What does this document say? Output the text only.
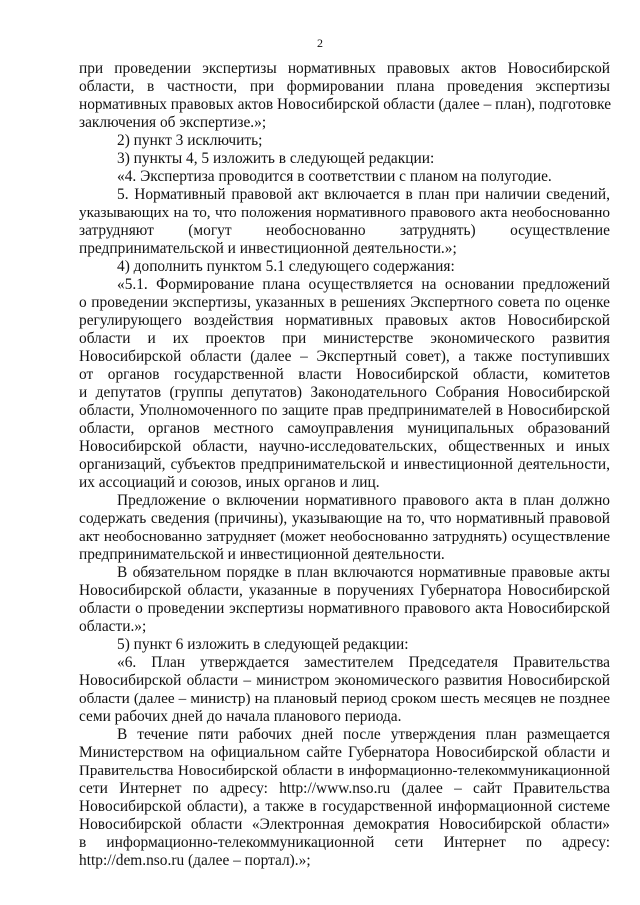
2

при проведении экспертизы нормативных правовых актов Новосибирской

области, в частности, при формировании плана проведения экспертизы

нормативных правовых актов Новосибирской области (далее – план), подготовке

заключения об экспертизе.»;

2) пункт 3 исключить;

3) пункты 4, 5 изложить в следующей редакции:

«4. Экспертиза проводится в соответствии с планом на полугодие.

5. Нормативный правовой акт включается в план при наличии сведений,

указывающих на то, что положения нормативного правового акта необоснованно

затрудняют (могут необоснованно затруднять) осуществление

предпринимательской и инвестиционной деятельности.»;

4) дополнить пунктом 5.1 следующего содержания:

«5.1. Формирование плана осуществляется на основании предложений

о проведении экспертизы, указанных в решениях Экспертного совета по оценке

регулирующего воздействия нормативных правовых актов Новосибирской

области и их проектов при министерстве экономического развития

Новосибирской области (далее – Экспертный совет), а также поступивших

от органов государственной власти Новосибирской области, комитетов

и депутатов (группы депутатов) Законодательного Собрания Новосибирской

области, Уполномоченного по защите прав предпринимателей в Новосибирской

области, органов местного самоуправления муниципальных образований

Новосибирской области, научно-исследовательских, общественных и иных

организаций, субъектов предпринимательской и инвестиционной деятельности,

их ассоциаций и союзов, иных органов и лиц.

Предложение о включении нормативного правового акта в план должно

содержать сведения (причины), указывающие на то, что нормативный правовой

акт необоснованно затрудняет (может необоснованно затруднять) осуществление

предпринимательской и инвестиционной деятельности.

В обязательном порядке в план включаются нормативные правовые акты

Новосибирской области, указанные в поручениях Губернатора Новосибирской

области о проведении экспертизы нормативного правового акта Новосибирской

области.»;

5) пункт 6 изложить в следующей редакции:

«6. План утверждается заместителем Председателя Правительства

Новосибирской области – министром экономического развития Новосибирской

области (далее – министр) на плановый период сроком шесть месяцев не позднее

семи рабочих дней до начала планового периода.

В течение пяти рабочих дней после утверждения план размещается

Министерством на официальном сайте Губернатора Новосибирской области и

Правительства Новосибирской области в информационно-телекоммуникационной

сети Интернет по адресу: http://www.nso.ru (далее – сайт Правительства

Новосибирской области), а также в государственной информационной системе

Новосибирской области «Электронная демократия Новосибирской области»

в информационно-телекоммуникационной сети Интернет по адресу:

http://dem.nso.ru (далее – портал).»;
